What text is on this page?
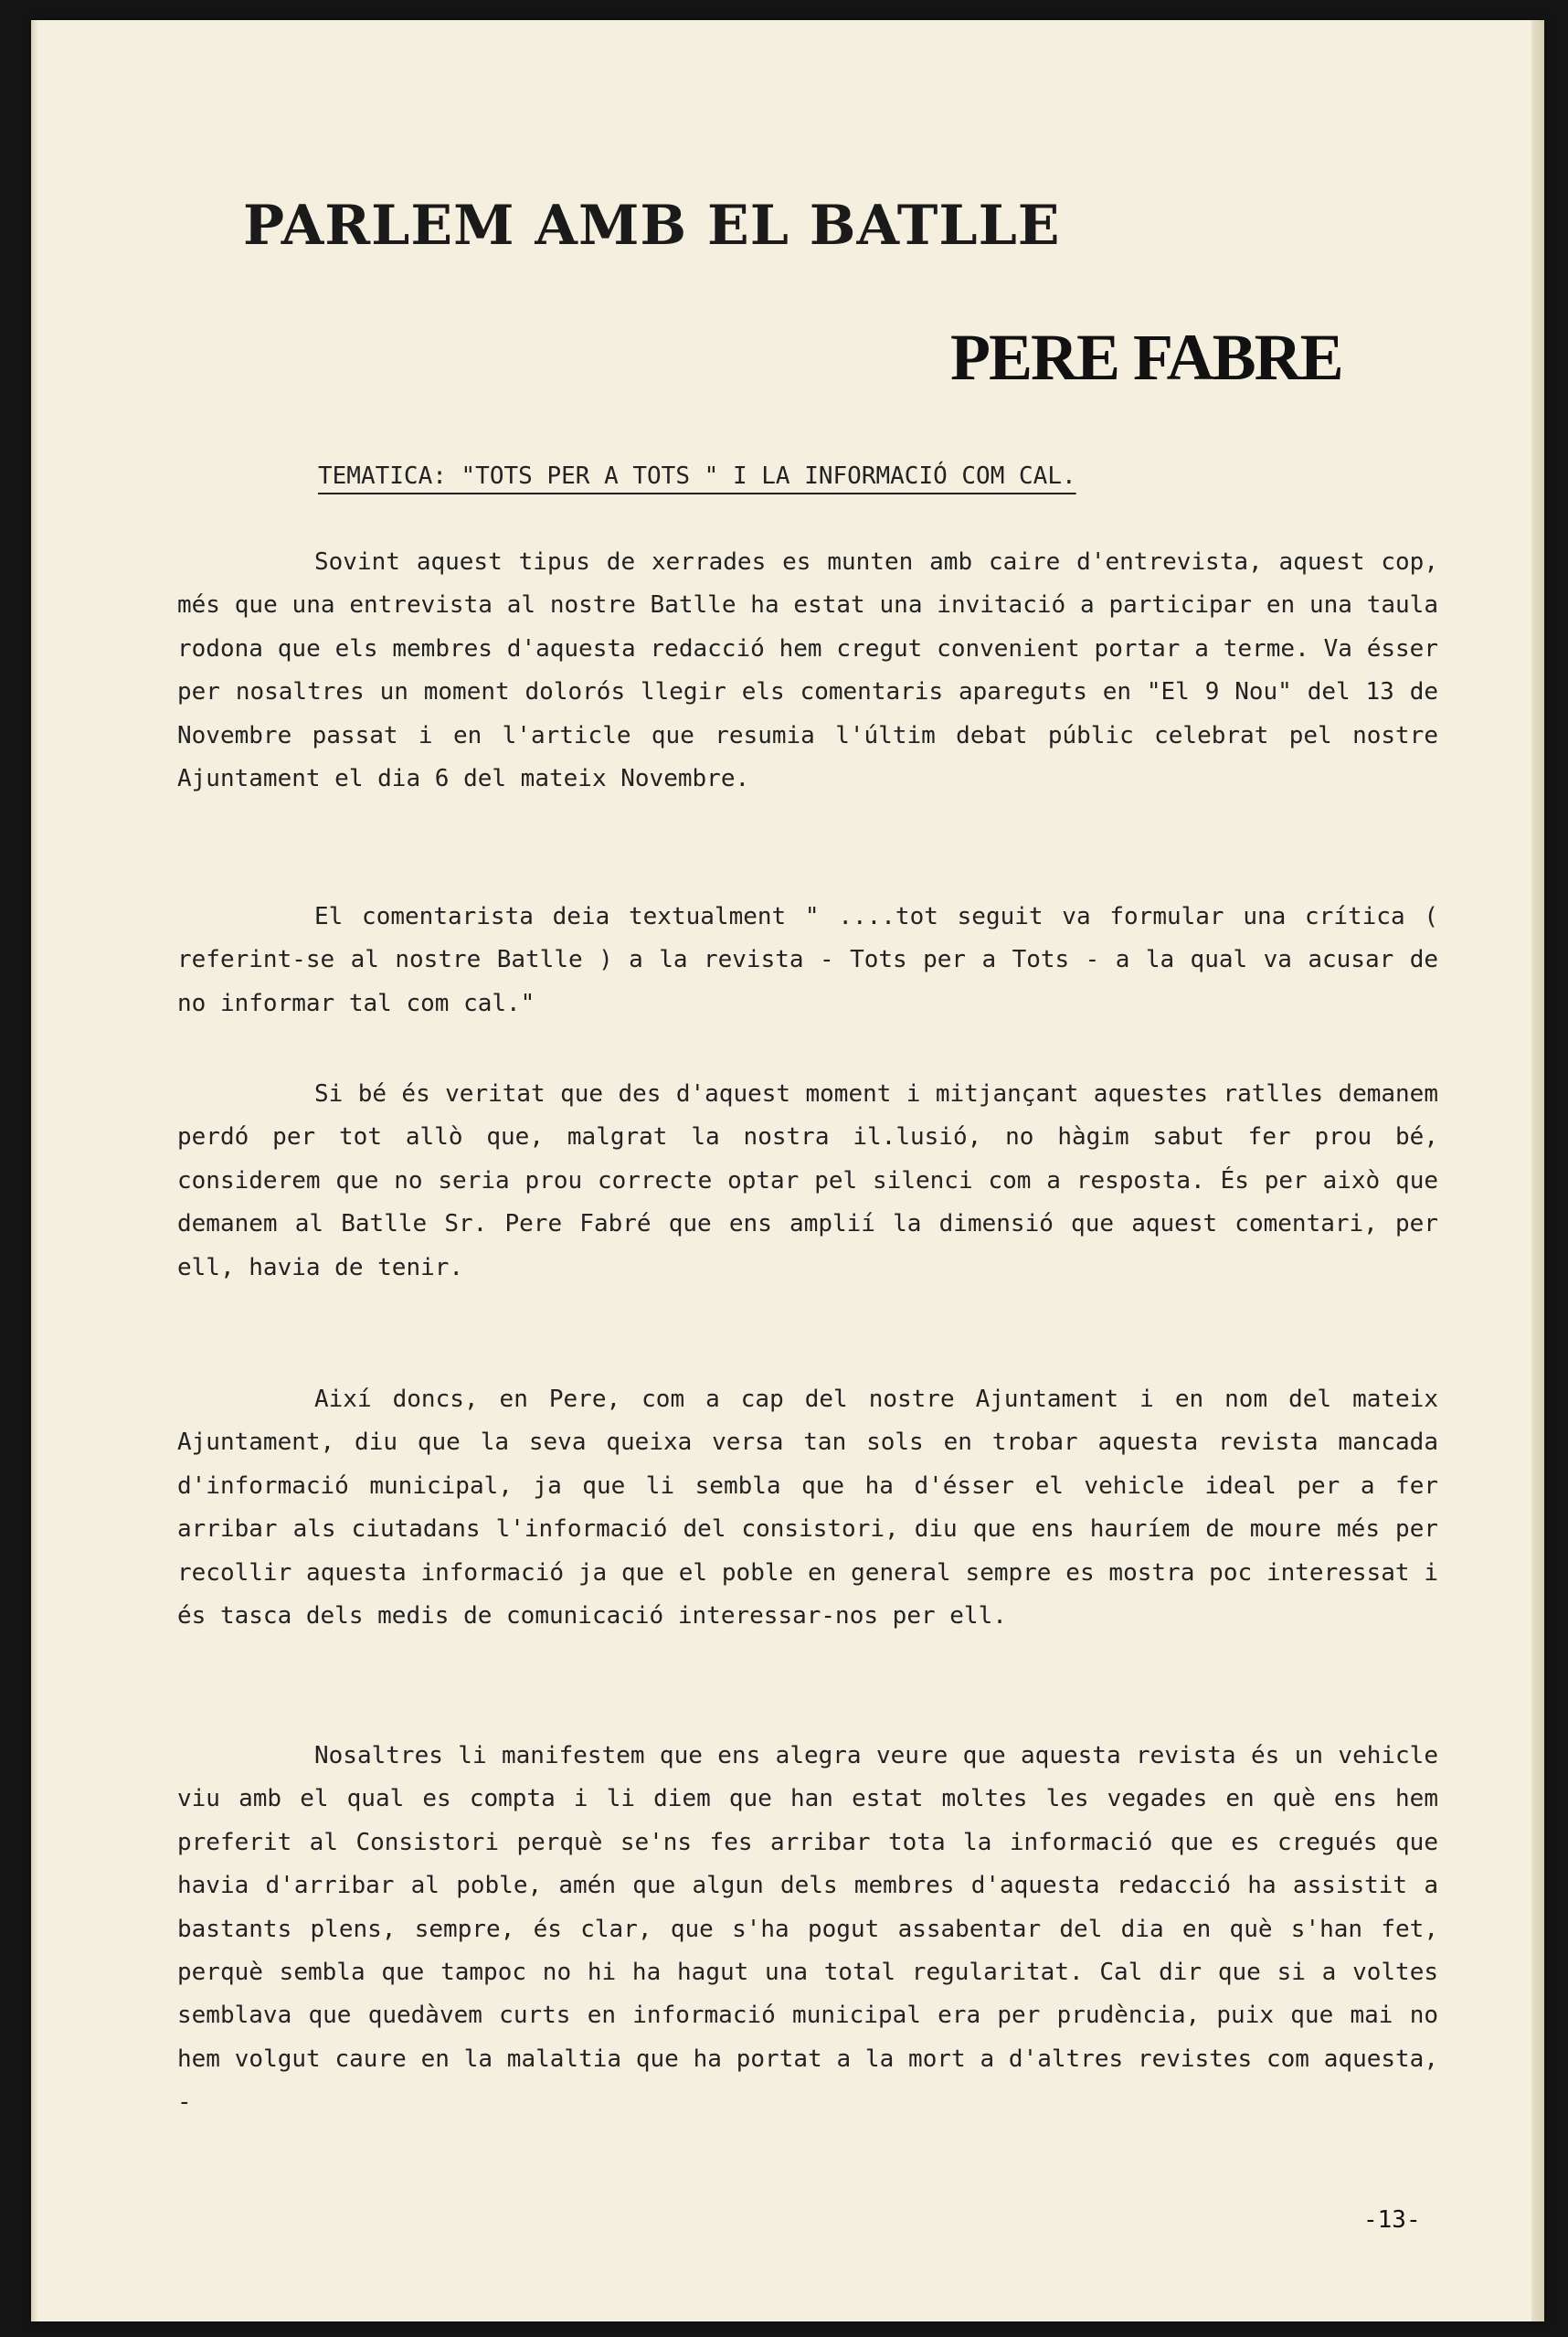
PARLEM AMB EL BATLLE
PERE FABRE
TEMATICA: "TOTS PER A TOTS " I LA INFORMACIÓ COM CAL.

Sovint aquest tipus de xerrades es munten amb caire d'entrevista, aquest cop, més que una entrevista al nostre Batlle ha estat una invitació a participar en una taula rodona que els membres d'aquesta redacció hem cregut convenient portar a terme. Va ésser per nosaltres un moment dolorós llegir els comentaris apareguts en "El 9 Nou" del 13 de Novembre passat i en l'article que resumia l'últim debat públic celebrat pel nostre Ajuntament el dia 6 del mateix Novembre.

El comentarista deia textualment " ....tot seguit va formular una crítica ( referint-se al nostre Batlle ) a la revista - Tots per a Tots - a la qual va acusar de no informar tal com cal."

Si bé és veritat que des d'aquest moment i mitjançant aquestes ratlles demanem perdó per tot allò que, malgrat la nostra il.lusió, no hàgim sabut fer prou bé, considerem que no seria prou correcte optar pel silenci com a resposta. És per això que demanem al Batlle Sr. Pere Fabré que ens amplií la dimensió que aquest comentari, per ell, havia de tenir.

Així doncs, en Pere, com a cap del nostre Ajuntament i en nom del mateix Ajuntament, diu que la seva queixa versa tan sols en trobar aquesta revista mancada d'informació municipal, ja que li sembla que ha d'ésser el vehicle ideal per a fer arribar als ciutadans l'informació del consistori, diu que ens hauríem de moure més per recollir aquesta informació ja que el poble en general sempre es mostra poc interessat i és tasca dels medis de comunicació interessar-nos per ell.

Nosaltres li manifestem que ens alegra veure que aquesta revista és un vehicle viu amb el qual es compta i li diem que han estat moltes les vegades en què ens hem preferit al Consistori perquè se'ns fes arribar tota la informació que es cregués que havia d'arribar al poble, amén que algun dels membres d'aquesta redacció ha assistit a bastants plens, sempre, és clar, que s'ha pogut assabentar del dia en què s'han fet, perquè sembla que tampoc no hi ha hagut una total regularitat. Cal dir que si a voltes semblava que quedàvem curts en informació municipal era per prudència, puix que mai no hem volgut caure en la malaltia que ha portat a la mort a d'altres revistes com aquesta, -

-13-
